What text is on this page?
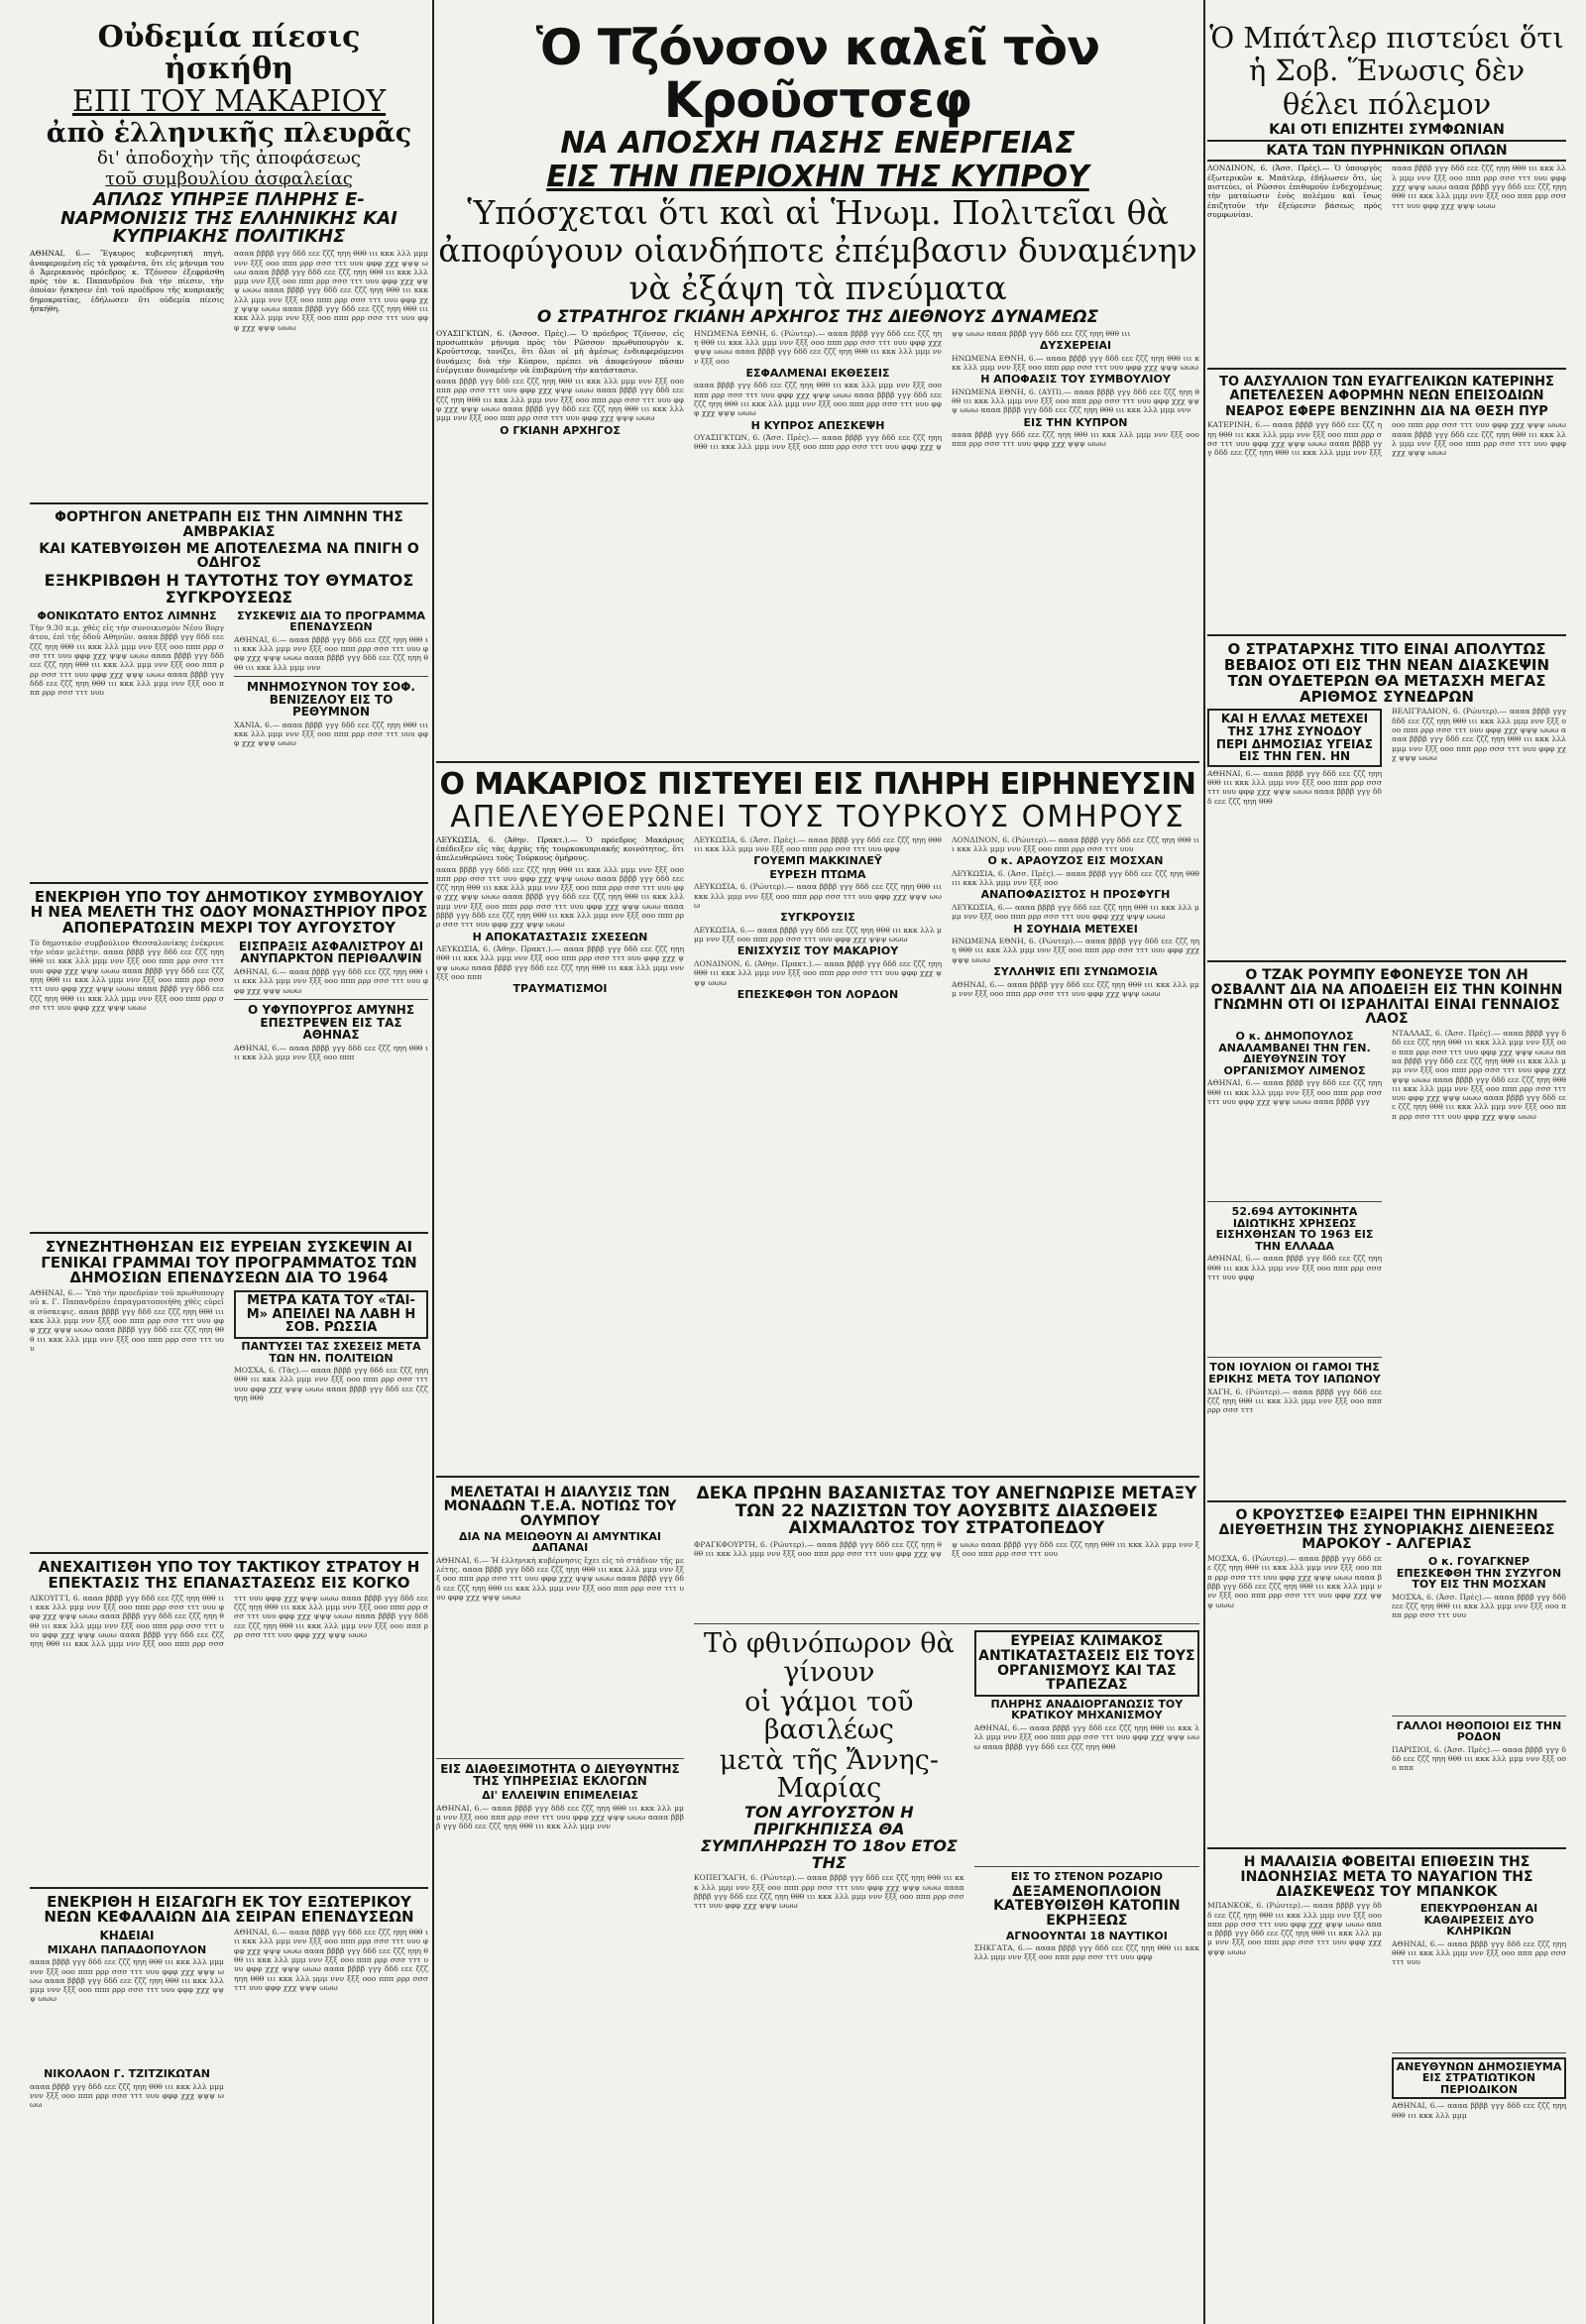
Οὐδεμία πίεσις ἡσκήθη
ΕΠΙ ΤΟΥ ΜΑΚΑΡΙΟΥ
ἀπὸ ἑλληνικῆς πλευρᾶς
δι' ἀποδοχὴν τῆς ἀποφάσεως
τοῦ συμβουλίου ἀσφαλείας
ΑΠΛΩΣ ΥΠΗΡΞΕ ΠΛΗΡΗΣ Ε- ΝΑΡΜΟΝΙΣΙΣ ΤΗΣ ΕΛΛΗΝΙΚΗΣ ΚΑΙ ΚΥΠΡΙΑΚΗΣ ΠΟΛΙΤΙΚΗΣ

ΑΘΗΝΑΙ, 6.— Ἔγκυρος κυβερνητική πηγή, ἀναφερομένη εἰς τὰ γραφέντα, ὅτι εἰς μήνυμα του ὁ Ἀμερικανὸς πρόεδρος κ. Τζόνσον ἐξεφράσθη πρὸς τὸν κ. Παπανδρέου διὰ τὴν πίεσιν, τὴν ὁποίαν ἤσκησεν ἐπὶ τοῦ προέδρου τῆς κυπριακῆς δημοκρατίας, ἐδήλωσεν ὅτι οὐδεμία πίεσις ἡσκήθη.

αααα ββββ γγγ δδδ εεε ζζζ ηηη θθθ ιιι κκκ λλλ μμμ ννν ξξξ οοο πππ ρρρ σσσ τττ υυυ φφφ χχχ ψψψ ωωω αααα ββββ γγγ δδδ εεε ζζζ ηηη θθθ ιιι κκκ λλλ μμμ ννν ξξξ οοο πππ ρρρ σσσ τττ υυυ φφφ χχχ ψψψ ωωω αααα ββββ γγγ δδδ εεε ζζζ ηηη θθθ ιιι κκκ λλλ μμμ ννν ξξξ οοο πππ ρρρ σσσ τττ υυυ φφφ χχχ ψψψ ωωω αααα ββββ γγγ δδδ εεε ζζζ ηηη θθθ ιιι κκκ λλλ μμμ ννν ξξξ οοο πππ ρρρ σσσ τττ υυυ φφφ χχχ ψψψ ωωω
ΦΟΡΤΗΓΟΝ ΑΝΕΤΡΑΠΗ ΕΙΣ ΤΗΝ ΛΙΜΝΗΝ ΤΗΣ ΑΜΒΡΑΚΙΑΣ
ΚΑΙ ΚΑΤΕΒΥΘΙΣΘΗ ΜΕ ΑΠΟΤΕΛΕΣΜΑ ΝΑ ΠΝΙΓΗ Ο ΟΔΗΓΟΣ
ΕΞΗΚΡΙΒΩΘΗ Η ΤΑΥΤΟΤΗΣ ΤΟΥ ΘΥΜΑΤΟΣ ΣΥΓΚΡΟΥΣΕΩΣ
ΦΟΝΙΚΩΤΑΤΟ ΕΝΤΟΣ ΛΙΜΝΗΣ
Τὴν 9.30 π.μ. χθὲς εἰς τὴν συνοικισμὸν Νέου Βοργάτου, ἐπὶ τῆς ὁδοῦ Αθηνῶν. αααα ββββ γγγ δδδ εεε ζζζ ηηη θθθ ιιι κκκ λλλ μμμ ννν ξξξ οοο πππ ρρρ σσσ τττ υυυ φφφ χχχ ψψψ ωωω αααα ββββ γγγ δδδ εεε ζζζ ηηη θθθ ιιι κκκ λλλ μμμ ννν ξξξ οοο πππ ρρρ σσσ τττ υυυ φφφ χχχ ψψψ ωωω αααα ββββ γγγ δδδ εεε ζζζ ηηη θθθ ιιι κκκ λλλ μμμ ννν ξξξ οοο πππ ρρρ σσσ τττ υυυ
ΣΥΣΚΕΨΙΣ ΔΙΑ ΤΟ ΠΡΟΓΡΑΜΜΑ ΕΠΕΝΔΥΣΕΩΝ
ΑΘΗΝΑΙ, 6.— αααα ββββ γγγ δδδ εεε ζζζ ηηη θθθ ιιι κκκ λλλ μμμ ννν ξξξ οοο πππ ρρρ σσσ τττ υυυ φφφ χχχ ψψψ ωωω αααα ββββ γγγ δδδ εεε ζζζ ηηη θθθ ιιι κκκ λλλ μμμ ννν
ΜΝΗΜΟΣΥΝΟΝ ΤΟΥ ΣΟΦ. ΒΕΝΙΖΕΛΟΥ ΕΙΣ ΤΟ ΡΕΘΥΜΝΟΝ
ΧΑΝΙΑ, 6.— αααα ββββ γγγ δδδ εεε ζζζ ηηη θθθ ιιι κκκ λλλ μμμ ννν ξξξ οοο πππ ρρρ σσσ τττ υυυ φφφ χχχ ψψψ ωωω
ΕΝΕΚΡΙΘΗ ΥΠΟ ΤΟΥ ΔΗΜΟΤΙΚΟΥ ΣΥΜΒΟΥΛΙΟΥ Η ΝΕΑ ΜΕΛΕΤΗ ΤΗΣ ΟΔΟΥ ΜΟΝΑΣΤΗΡΙΟΥ ΠΡΟΣ ΑΠΟΠΕΡΑΤΩΣΙΝ ΜΕΧΡΙ ΤΟΥ ΑΥΓΟΥΣΤΟΥ
Τὸ δημοτικὸν συμβούλιον Θεσσαλονίκης ἐνέκρινε τὴν νέαν μελέτην. αααα ββββ γγγ δδδ εεε ζζζ ηηη θθθ ιιι κκκ λλλ μμμ ννν ξξξ οοο πππ ρρρ σσσ τττ υυυ φφφ χχχ ψψψ ωωω αααα ββββ γγγ δδδ εεε ζζζ ηηη θθθ ιιι κκκ λλλ μμμ ννν ξξξ οοο πππ ρρρ σσσ τττ υυυ φφφ χχχ ψψψ ωωω αααα ββββ γγγ δδδ εεε ζζζ ηηη θθθ ιιι κκκ λλλ μμμ ννν ξξξ οοο πππ ρρρ σσσ τττ υυυ φφφ χχχ ψψψ ωωω
ΕΙΣΠΡΑΞΙΣ ΑΣΦΑΛΙΣΤΡΟΥ ΔΙ ΑΝΥΠΑΡΚΤΟΝ ΠΕΡΙΘΑΛΨΙΝ
ΑΘΗΝΑΙ, 6.— αααα ββββ γγγ δδδ εεε ζζζ ηηη θθθ ιιι κκκ λλλ μμμ ννν ξξξ οοο πππ ρρρ σσσ τττ υυυ φφφ χχχ ψψψ ωωω
Ο ΥΦΥΠΟΥΡΓΟΣ ΑΜΥΝΗΣ ΕΠΕΣΤΡΕΨΕΝ ΕΙΣ ΤΑΣ ΑΘΗΝΑΣ
ΑΘΗΝΑΙ, 6.— αααα ββββ γγγ δδδ εεε ζζζ ηηη θθθ ιιι κκκ λλλ μμμ ννν ξξξ οοο πππ
ΣΥΝΕΖΗΤΗΘΗΣΑΝ ΕΙΣ ΕΥΡΕΙΑΝ ΣΥΣΚΕΨΙΝ ΑΙ ΓΕΝΙΚΑΙ ΓΡΑΜΜΑΙ ΤΟΥ ΠΡΟΓΡΑΜΜΑΤΟΣ ΤΩΝ ΔΗΜΟΣΙΩΝ ΕΠΕΝΔΥΣΕΩΝ ΔΙΑ ΤΟ 1964
ΑΘΗΝΑΙ, 6.— Ὑπὸ τὴν προεδρίαν τοῦ πρωθυπουργοῦ κ. Γ. Παπανδρέου ἐπραγματοποιήθη χθὲς εὐρεῖα σύσκεψις. αααα ββββ γγγ δδδ εεε ζζζ ηηη θθθ ιιι κκκ λλλ μμμ ννν ξξξ οοο πππ ρρρ σσσ τττ υυυ φφφ χχχ ψψψ ωωω αααα ββββ γγγ δδδ εεε ζζζ ηηη θθθ ιιι κκκ λλλ μμμ ννν ξξξ οοο πππ ρρρ σσσ τττ υυυ
ΜΕΤΡΑ ΚΑΤΑ ΤΟΥ «ΤΑΙ-Μ» ΑΠΕΙΛΕΙ ΝΑ ΛΑΒΗ Η ΣΟΒ. ΡΩΣΣΙΑ
ΠΑΝΤΥΣΕΙ ΤΑΣ ΣΧΕΣΕΙΣ ΜΕΤΑ ΤΩΝ ΗΝ. ΠΟΛΙΤΕΙΩΝ
ΜΟΣΧΑ, 6. (Τὰς).— αααα ββββ γγγ δδδ εεε ζζζ ηηη θθθ ιιι κκκ λλλ μμμ ννν ξξξ οοο πππ ρρρ σσσ τττ υυυ φφφ χχχ ψψψ ωωω αααα ββββ γγγ δδδ εεε ζζζ ηηη θθθ
ΑΝΕΧΑΙΤΙΣΘΗ ΥΠΟ ΤΟΥ ΤΑΚΤΙΚΟΥ ΣΤΡΑΤΟΥ Η ΕΠΕΚΤΑΣΙΣ ΤΗΣ ΕΠΑΝΑΣΤΑΣΕΩΣ ΕΙΣ ΚΟΓΚΟ
ΛΙΚΟΥΓΓΙ, 6. αααα ββββ γγγ δδδ εεε ζζζ ηηη θθθ ιιι κκκ λλλ μμμ ννν ξξξ οοο πππ ρρρ σσσ τττ υυυ φφφ χχχ ψψψ ωωω αααα ββββ γγγ δδδ εεε ζζζ ηηη θθθ ιιι κκκ λλλ μμμ ννν ξξξ οοο πππ ρρρ σσσ τττ υυυ φφφ χχχ ψψψ ωωω αααα ββββ γγγ δδδ εεε ζζζ ηηη θθθ ιιι κκκ λλλ μμμ ννν ξξξ οοο πππ ρρρ σσσ τττ υυυ φφφ χχχ ψψψ ωωω αααα ββββ γγγ δδδ εεε ζζζ ηηη θθθ ιιι κκκ λλλ μμμ ννν ξξξ οοο πππ ρρρ σσσ τττ υυυ φφφ χχχ ψψψ ωωω αααα ββββ γγγ δδδ εεε ζζζ ηηη θθθ ιιι κκκ λλλ μμμ ννν ξξξ οοο πππ ρρρ σσσ τττ υυυ φφφ χχχ ψψψ ωωω
ΕΝΕΚΡΙΘΗ Η ΕΙΣΑΓΩΓΗ ΕΚ ΤΟΥ ΕΞΩΤΕΡΙΚΟΥ ΝΕΩΝ ΚΕΦΑΛΑΙΩΝ ΔΙΑ ΣΕΙΡΑΝ ΕΠΕΝΔΥΣΕΩΝ
ΚΗΔΕΙΑΙ
ΜΙΧΑΗΛ ΠΑΠΑΔΟΠΟΥΛΟΝ
αααα ββββ γγγ δδδ εεε ζζζ ηηη θθθ ιιι κκκ λλλ μμμ ννν ξξξ οοο πππ ρρρ σσσ τττ υυυ φφφ χχχ ψψψ ωωω αααα ββββ γγγ δδδ εεε ζζζ ηηη θθθ ιιι κκκ λλλ μμμ ννν ξξξ οοο πππ ρρρ σσσ τττ υυυ φφφ χχχ ψψψ ωωω
ΝΙΚΟΛΑΟΝ Γ. ΤΖΙΤΖΙΚΩΤΑΝ
αααα ββββ γγγ δδδ εεε ζζζ ηηη θθθ ιιι κκκ λλλ μμμ ννν ξξξ οοο πππ ρρρ σσσ τττ υυυ φφφ χχχ ψψψ ωωω
ΑΘΗΝΑΙ, 6.— αααα ββββ γγγ δδδ εεε ζζζ ηηη θθθ ιιι κκκ λλλ μμμ ννν ξξξ οοο πππ ρρρ σσσ τττ υυυ φφφ χχχ ψψψ ωωω αααα ββββ γγγ δδδ εεε ζζζ ηηη θθθ ιιι κκκ λλλ μμμ ννν ξξξ οοο πππ ρρρ σσσ τττ υυυ φφφ χχχ ψψψ ωωω αααα ββββ γγγ δδδ εεε ζζζ ηηη θθθ ιιι κκκ λλλ μμμ ννν ξξξ οοο πππ ρρρ σσσ τττ υυυ φφφ χχχ ψψψ ωωω
Ὁ Τζόνσον καλεῖ τὸν Κροῦστσεφ
ΝΑ ΑΠΟΣΧΗ ΠΑΣΗΣ ΕΝΕΡΓΕΙΑΣ
ΕΙΣ ΤΗΝ ΠΕΡΙΟΧΗΝ ΤΗΣ ΚΥΠΡΟΥ
Ὑπόσχεται ὅτι καὶ αἱ Ἡνωμ. Πολιτεῖαι θὰ ἀποφύγουν οἱανδήποτε ἐπέμβασιν δυναμένην νὰ ἐξάψη τὰ πνεύματα
Ο ΣΤΡΑΤΗΓΟΣ ΓΚΙΑΝΗ ΑΡΧΗΓΟΣ ΤΗΣ ΔΙΕΘΝΟΥΣ ΔΥΝΑΜΕΩΣ

ΟΥΑΣΙΓΚΤΩΝ, 6. (Ἀσσοσ. Πρὲς).— Ὁ πρόεδρος Τζόνσον, εἰς προσωπικὸν μήνυμα πρὸς τὸν Ρῶσσον πρωθυπουργὸν κ. Κροῦστσεφ, τονίζει, ὅτι ὅλοι οἱ μὴ ἀμέσως ἐνδιαφερόμενοι δυνάμεις διὰ τὴν Κύπρον, πρέπει νὰ ἀποφεύγουν πᾶσαν ἐνέργειαν δυναμένην νὰ ἐπιβαρύνη τὴν κατάστασιν.

αααα ββββ γγγ δδδ εεε ζζζ ηηη θθθ ιιι κκκ λλλ μμμ ννν ξξξ οοο πππ ρρρ σσσ τττ υυυ φφφ χχχ ψψψ ωωω αααα ββββ γγγ δδδ εεε ζζζ ηηη θθθ ιιι κκκ λλλ μμμ ννν ξξξ οοο πππ ρρρ σσσ τττ υυυ φφφ χχχ ψψψ ωωω αααα ββββ γγγ δδδ εεε ζζζ ηηη θθθ ιιι κκκ λλλ μμμ ννν ξξξ οοο πππ ρρρ σσσ τττ υυυ φφφ χχχ ψψψ ωωω
Ο ΓΚΙΑΝΗ ΑΡΧΗΓΟΣ
ΗΝΩΜΕΝΑ ΕΘΝΗ, 6. (Ρώυτερ).— αααα ββββ γγγ δδδ εεε ζζζ ηηη θθθ ιιι κκκ λλλ μμμ ννν ξξξ οοο πππ ρρρ σσσ τττ υυυ φφφ χχχ ψψψ ωωω αααα ββββ γγγ δδδ εεε ζζζ ηηη θθθ ιιι κκκ λλλ μμμ ννν ξξξ οοο
ΕΣΦΑΛΜΕΝΑΙ ΕΚΘΕΣΕΙΣ
αααα ββββ γγγ δδδ εεε ζζζ ηηη θθθ ιιι κκκ λλλ μμμ ννν ξξξ οοο πππ ρρρ σσσ τττ υυυ φφφ χχχ ψψψ ωωω αααα ββββ γγγ δδδ εεε ζζζ ηηη θθθ ιιι κκκ λλλ μμμ ννν ξξξ οοο πππ ρρρ σσσ τττ υυυ φφφ χχχ ψψψ ωωω
Η ΚΥΠΡΟΣ ΑΠΕΣΚΕΨΗ
ΟΥΑΣΙΓΚΤΩΝ, 6. (Ἀσσ. Πρὲς).— αααα ββββ γγγ δδδ εεε ζζζ ηηη θθθ ιιι κκκ λλλ μμμ ννν ξξξ οοο πππ ρρρ σσσ τττ υυυ φφφ χχχ ψψψ ωωω αααα ββββ γγγ δδδ εεε ζζζ ηηη θθθ ιιι
ΔΥΣΧΕΡΕΙΑΙ
ΗΝΩΜΕΝΑ ΕΘΝΗ, 6.— αααα ββββ γγγ δδδ εεε ζζζ ηηη θθθ ιιι κκκ λλλ μμμ ννν ξξξ οοο πππ ρρρ σσσ τττ υυυ φφφ χχχ ψψψ ωωω
Η ΑΠΟΦΑΣΙΣ ΤΟΥ ΣΥΜΒΟΥΛΙΟΥ
ΗΝΩΜΕΝΑ ΕΘΝΗ, 6. (ΑΥΠ).— αααα ββββ γγγ δδδ εεε ζζζ ηηη θθθ ιιι κκκ λλλ μμμ ννν ξξξ οοο πππ ρρρ σσσ τττ υυυ φφφ χχχ ψψψ ωωω αααα ββββ γγγ δδδ εεε ζζζ ηηη θθθ ιιι κκκ λλλ μμμ ννν
ΕΙΣ ΤΗΝ ΚΥΠΡΟΝ
αααα ββββ γγγ δδδ εεε ζζζ ηηη θθθ ιιι κκκ λλλ μμμ ννν ξξξ οοο πππ ρρρ σσσ τττ υυυ φφφ χχχ ψψψ ωωω
Ο ΜΑΚΑΡΙΟΣ ΠΙΣΤΕΥΕΙ ΕΙΣ ΠΛΗΡΗ ΕΙΡΗΝΕΥΣΙΝ
ΑΠΕΛΕΥΘΕΡΩΝΕΙ ΤΟΥΣ ΤΟΥΡΚΟΥΣ ΟΜΗΡΟΥΣ

ΛΕΥΚΩΣΙΑ, 6. (Ἀθην. Πρακτ.).— Ὁ πρόεδρος Μακάριος ἐπέδειξεν εἰς τὰς ἀρχὰς τῆς τουρκοκυπριακῆς κοινότητος, ὅτι ἀπελευθερώνει τοὺς Τούρκους ὁμήρους.

αααα ββββ γγγ δδδ εεε ζζζ ηηη θθθ ιιι κκκ λλλ μμμ ννν ξξξ οοο πππ ρρρ σσσ τττ υυυ φφφ χχχ ψψψ ωωω αααα ββββ γγγ δδδ εεε ζζζ ηηη θθθ ιιι κκκ λλλ μμμ ννν ξξξ οοο πππ ρρρ σσσ τττ υυυ φφφ χχχ ψψψ ωωω αααα ββββ γγγ δδδ εεε ζζζ ηηη θθθ ιιι κκκ λλλ μμμ ννν ξξξ οοο πππ ρρρ σσσ τττ υυυ φφφ χχχ ψψψ ωωω αααα ββββ γγγ δδδ εεε ζζζ ηηη θθθ ιιι κκκ λλλ μμμ ννν ξξξ οοο πππ ρρρ σσσ τττ υυυ φφφ χχχ ψψψ ωωω
Η ΑΠΟΚΑΤΑΣΤΑΣΙΣ ΣΧΕΣΕΩΝ
ΛΕΥΚΩΣΙΑ, 6. (Ἀθην. Πρακτ.).— αααα ββββ γγγ δδδ εεε ζζζ ηηη θθθ ιιι κκκ λλλ μμμ ννν ξξξ οοο πππ ρρρ σσσ τττ υυυ φφφ χχχ ψψψ ωωω αααα ββββ γγγ δδδ εεε ζζζ ηηη θθθ ιιι κκκ λλλ μμμ ννν ξξξ οοο πππ
ΤΡΑΥΜΑΤΙΣΜΟΙ
ΛΕΥΚΩΣΙΑ, 6. (Ἀσσ. Πρὲς).— αααα ββββ γγγ δδδ εεε ζζζ ηηη θθθ ιιι κκκ λλλ μμμ ννν ξξξ οοο πππ ρρρ σσσ τττ υυυ φφφ
ΓΟΥΕΜΠ ΜΑΚΚΙΝΛΕΫ
ΕΥΡΕΣΗ ΠΤΩΜΑ
ΛΕΥΚΩΣΙΑ, 6. (Ρώυτερ).— αααα ββββ γγγ δδδ εεε ζζζ ηηη θθθ ιιι κκκ λλλ μμμ ννν ξξξ οοο πππ ρρρ σσσ τττ υυυ φφφ χχχ ψψψ ωωω
ΣΥΓΚΡΟΥΣΙΣ
ΛΕΥΚΩΣΙΑ, 6.— αααα ββββ γγγ δδδ εεε ζζζ ηηη θθθ ιιι κκκ λλλ μμμ ννν ξξξ οοο πππ ρρρ σσσ τττ υυυ φφφ χχχ ψψψ ωωω
ΕΝΙΣΧΥΣΙΣ ΤΟΥ ΜΑΚΑΡΙΟΥ
ΛΟΝΔΙΝΟΝ, 6. (Ἀθην. Πρακτ.).— αααα ββββ γγγ δδδ εεε ζζζ ηηη θθθ ιιι κκκ λλλ μμμ ννν ξξξ οοο πππ ρρρ σσσ τττ υυυ φφφ χχχ ψψψ ωωω
ΕΠΕΣΚΕΦΘΗ ΤΟΝ ΛΟΡΔΟΝ
ΛΟΝΔΙΝΟΝ, 6. (Ρώυτερ).— αααα ββββ γγγ δδδ εεε ζζζ ηηη θθθ ιιι κκκ λλλ μμμ ννν ξξξ οοο πππ ρρρ σσσ τττ υυυ
Ο κ. ΑΡΑΟΥΖΟΣ ΕΙΣ ΜΟΣΧΑΝ
ΛΕΥΚΩΣΙΑ, 6. (Ἀσσ. Πρὲς).— αααα ββββ γγγ δδδ εεε ζζζ ηηη θθθ ιιι κκκ λλλ μμμ ννν ξξξ οοο
ΑΝΑΠΟΦΑΣΙΣΤΟΣ Η ΠΡΟΣΦΥΓΗ
ΛΕΥΚΩΣΙΑ, 6.— αααα ββββ γγγ δδδ εεε ζζζ ηηη θθθ ιιι κκκ λλλ μμμ ννν ξξξ οοο πππ ρρρ σσσ τττ υυυ φφφ χχχ ψψψ ωωω
Η ΣΟΥΗΔΙΑ ΜΕΤΕΧΕΙ
ΗΝΩΜΕΝΑ ΕΘΝΗ, 6. (Ρώυτερ).— αααα ββββ γγγ δδδ εεε ζζζ ηηη θθθ ιιι κκκ λλλ μμμ ννν ξξξ οοο πππ ρρρ σσσ τττ υυυ φφφ χχχ ψψψ ωωω
ΣΥΛΛΗΨΙΣ ΕΠΙ ΣΥΝΩΜΟΣΙΑ
ΑΘΗΝΑΙ, 6.— αααα ββββ γγγ δδδ εεε ζζζ ηηη θθθ ιιι κκκ λλλ μμμ ννν ξξξ οοο πππ ρρρ σσσ τττ υυυ φφφ χχχ ψψψ ωωω
ΜΕΛΕΤΑΤΑΙ Η ΔΙΑΛΥΣΙΣ ΤΩΝ ΜΟΝΑΔΩΝ Τ.Ε.Α. ΝΟΤΙΩΣ ΤΟΥ ΟΛΥΜΠΟΥ
ΔΙΑ ΝΑ ΜΕΙΩΘΟΥΝ ΑΙ ΑΜΥΝΤΙΚΑΙ ΔΑΠΑΝΑΙ
ΑΘΗΝΑΙ, 6.— Ἡ ἑλληνικὴ κυβέρνησις ἔχει εἰς τὸ στάδιον τῆς μελέτης. αααα ββββ γγγ δδδ εεε ζζζ ηηη θθθ ιιι κκκ λλλ μμμ ννν ξξξ οοο πππ ρρρ σσσ τττ υυυ φφφ χχχ ψψψ ωωω αααα ββββ γγγ δδδ εεε ζζζ ηηη θθθ ιιι κκκ λλλ μμμ ννν ξξξ οοο πππ ρρρ σσσ τττ υυυ φφφ χχχ ψψψ ωωω
ΕΙΣ ΔΙΑΘΕΣΙΜΟΤΗΤΑ Ο ΔΙΕΥΘΥΝΤΗΣ ΤΗΣ ΥΠΗΡΕΣΙΑΣ ΕΚΛΟΓΩΝ
ΔΙ' ΕΛΛΕΙΨΙΝ ΕΠΙΜΕΛΕΙΑΣ
ΑΘΗΝΑΙ, 6.— αααα ββββ γγγ δδδ εεε ζζζ ηηη θθθ ιιι κκκ λλλ μμμ ννν ξξξ οοο πππ ρρρ σσσ τττ υυυ φφφ χχχ ψψψ ωωω αααα ββββ γγγ δδδ εεε ζζζ ηηη θθθ ιιι κκκ λλλ μμμ ννν
ΔΕΚΑ ΠΡΩΗΝ ΒΑΣΑΝΙΣΤΑΣ ΤΟΥ ΑΝΕΓΝΩΡΙΣΕ ΜΕΤΑΞΥ ΤΩΝ 22 ΝΑΖΙΣΤΩΝ ΤΟΥ ΑΟΥΣΒΙΤΣ ΔΙΑΣΩΘΕΙΣ ΑΙΧΜΑΛΩΤΟΣ ΤΟΥ ΣΤΡΑΤΟΠΕΔΟΥ
ΦΡΑΓΚΦΟΥΡΤΗ, 6. (Ρώυτερ).— αααα ββββ γγγ δδδ εεε ζζζ ηηη θθθ ιιι κκκ λλλ μμμ ννν ξξξ οοο πππ ρρρ σσσ τττ υυυ φφφ χχχ ψψψ ωωω αααα ββββ γγγ δδδ εεε ζζζ ηηη θθθ ιιι κκκ λλλ μμμ ννν ξξξ οοο πππ ρρρ σσσ τττ υυυ
Τὸ φθινόπωρον θὰ γίνουν
οἱ γάμοι τοῦ βασιλέως
μετὰ τῆς Ἄννης-Μαρίας
ΤΟΝ ΑΥΓΟΥΣΤΟΝ Η ΠΡΙΓΚΗΠΙΣΣΑ ΘΑ ΣΥΜΠΛΗΡΩΣΗ ΤΟ 18ον ΕΤΟΣ ΤΗΣ
ΚΟΠΕΓΧΑΓΗ, 6. (Ρώυτερ).— αααα ββββ γγγ δδδ εεε ζζζ ηηη θθθ ιιι κκκ λλλ μμμ ννν ξξξ οοο πππ ρρρ σσσ τττ υυυ φφφ χχχ ψψψ ωωω αααα ββββ γγγ δδδ εεε ζζζ ηηη θθθ ιιι κκκ λλλ μμμ ννν ξξξ οοο πππ ρρρ σσσ τττ υυυ φφφ χχχ ψψψ ωωω
ΕΥΡΕΙΑΣ ΚΛΙΜΑΚΟΣ ΑΝΤΙΚΑΤΑΣΤΑΣΕΙΣ ΕΙΣ ΤΟΥΣ ΟΡΓΑΝΙΣΜΟΥΣ ΚΑΙ ΤΑΣ ΤΡΑΠΕΖΑΣ
ΠΛΗΡΗΣ ΑΝΑΔΙΟΡΓΑΝΩΣΙΣ ΤΟΥ ΚΡΑΤΙΚΟΥ ΜΗΧΑΝΙΣΜΟΥ
ΑΘΗΝΑΙ, 6.— αααα ββββ γγγ δδδ εεε ζζζ ηηη θθθ ιιι κκκ λλλ μμμ ννν ξξξ οοο πππ ρρρ σσσ τττ υυυ φφφ χχχ ψψψ ωωω αααα ββββ γγγ δδδ εεε ζζζ ηηη θθθ
ΕΙΣ ΤΟ ΣΤΕΝΟΝ ΡΟΖΑΡΙΟ
ΔΕΞΑΜΕΝΟΠΛΟΙΟΝ ΚΑΤΕΒΥΘΙΣΘΗ ΚΑΤΟΠΙΝ ΕΚΡΗΞΕΩΣ
ΑΓΝΟΟΥΝΤΑΙ 18 ΝΑΥΤΙΚΟΙ
ΣΗΚΓΑΤΑ, 6.— αααα ββββ γγγ δδδ εεε ζζζ ηηη θθθ ιιι κκκ λλλ μμμ ννν ξξξ οοο πππ ρρρ σσσ τττ υυυ φφφ
Ὁ Μπάτλερ πιστεύει ὅτι ἡ Σοβ. Ἕνωσις δὲν θέλει πόλεμον
ΚΑΙ ΟΤΙ ΕΠΙΖΗΤΕΙ ΣΥΜΦΩΝΙΑΝ
ΚΑΤΑ ΤΩΝ ΠΥΡΗΝΙΚΩΝ ΟΠΛΩΝ

ΛΟΝΔΙΝΟΝ, 6. (Ἀσσ. Πρὲς).— Ὁ ὑπουργὸς ἐξωτερικῶν κ. Μπάτλερ, ἐδήλωσεν ὅτι, ὡς πιστεύει, οἱ Ρῶσσοι ἐπιθυμοῦν ἐνδεχομένως τὴν ματαίωσιν ἑνὸς πολέμου καὶ ἴσως ἐπιζητοῦν τὴν ἐξεύρεσιν βάσεως πρὸς συμφωνίαν.

αααα ββββ γγγ δδδ εεε ζζζ ηηη θθθ ιιι κκκ λλλ μμμ ννν ξξξ οοο πππ ρρρ σσσ τττ υυυ φφφ χχχ ψψψ ωωω αααα ββββ γγγ δδδ εεε ζζζ ηηη θθθ ιιι κκκ λλλ μμμ ννν ξξξ οοο πππ ρρρ σσσ τττ υυυ φφφ χχχ ψψψ ωωω
ΤΟ ΑΛΣΥΛΛΙΟΝ ΤΩΝ ΕΥΑΓΓΕΛΙΚΩΝ ΚΑΤΕΡΙΝΗΣ ΑΠΕΤΕΛΕΣΕΝ ΑΦΟΡΜΗΝ ΝΕΩΝ ΕΠΕΙΣΟΔΙΩΝ
ΝΕΑΡΟΣ ΕΦΕΡΕ ΒΕΝΖΙΝΗΝ ΔΙΑ ΝΑ ΘΕΣΗ ΠΥΡ
ΚΑΤΕΡΙΝΗ, 6.— αααα ββββ γγγ δδδ εεε ζζζ ηηη θθθ ιιι κκκ λλλ μμμ ννν ξξξ οοο πππ ρρρ σσσ τττ υυυ φφφ χχχ ψψψ ωωω αααα ββββ γγγ δδδ εεε ζζζ ηηη θθθ ιιι κκκ λλλ μμμ ννν ξξξ οοο πππ ρρρ σσσ τττ υυυ φφφ χχχ ψψψ ωωω αααα ββββ γγγ δδδ εεε ζζζ ηηη θθθ ιιι κκκ λλλ μμμ ννν ξξξ οοο πππ ρρρ σσσ τττ υυυ φφφ χχχ ψψψ ωωω
Ο ΣΤΡΑΤΑΡΧΗΣ ΤΙΤΟ ΕΙΝΑΙ ΑΠΟΛΥΤΩΣ ΒΕΒΑΙΟΣ ΟΤΙ ΕΙΣ ΤΗΝ ΝΕΑΝ ΔΙΑΣΚΕΨΙΝ ΤΩΝ ΟΥΔΕΤΕΡΩΝ ΘΑ ΜΕΤΑΣΧΗ ΜΕΓΑΣ ΑΡΙΘΜΟΣ ΣΥΝΕΔΡΩΝ
ΚΑΙ Η ΕΛΛΑΣ ΜΕΤΕΧΕΙ ΤΗΣ 17ΗΣ ΣΥΝΟΔΟΥ ΠΕΡΙ ΔΗΜΟΣΙΑΣ ΥΓΕΙΑΣ ΕΙΣ ΤΗΝ ΓΕΝ. ΗΝ
ΑΘΗΝΑΙ, 6.— αααα ββββ γγγ δδδ εεε ζζζ ηηη θθθ ιιι κκκ λλλ μμμ ννν ξξξ οοο πππ ρρρ σσσ τττ υυυ φφφ χχχ ψψψ ωωω αααα ββββ γγγ δδδ εεε ζζζ ηηη θθθ
ΒΕΛΙΓΡΑΔΙΟΝ, 6. (Ρώυτερ).— αααα ββββ γγγ δδδ εεε ζζζ ηηη θθθ ιιι κκκ λλλ μμμ ννν ξξξ οοο πππ ρρρ σσσ τττ υυυ φφφ χχχ ψψψ ωωω αααα ββββ γγγ δδδ εεε ζζζ ηηη θθθ ιιι κκκ λλλ μμμ ννν ξξξ οοο πππ ρρρ σσσ τττ υυυ φφφ χχχ ψψψ ωωω
Ο ΤΖΑΚ ΡΟΥΜΠΥ ΕΦΟΝΕΥΣΕ ΤΟΝ ΛΗ ΟΣΒΑΛΝΤ ΔΙΑ ΝΑ ΑΠΟΔΕΙΞΗ ΕΙΣ ΤΗΝ ΚΟΙΝΗΝ ΓΝΩΜΗΝ ΟΤΙ ΟΙ ΙΣΡΑΗΛΙΤΑΙ ΕΙΝΑΙ ΓΕΝΝΑΙΟΣ ΛΑΟΣ
Ο κ. ΔΗΜΟΠΟΥΛΟΣ ΑΝΑΛΑΜΒΑΝΕΙ ΤΗΝ ΓΕΝ. ΔΙΕΥΘΥΝΣΙΝ ΤΟΥ ΟΡΓΑΝΙΣΜΟΥ ΛΙΜΕΝΟΣ
ΑΘΗΝΑΙ, 6.— αααα ββββ γγγ δδδ εεε ζζζ ηηη θθθ ιιι κκκ λλλ μμμ ννν ξξξ οοο πππ ρρρ σσσ τττ υυυ φφφ χχχ ψψψ ωωω αααα ββββ γγγ
52.694 ΑΥΤΟΚΙΝΗΤΑ ΙΔΙΩΤΙΚΗΣ ΧΡΗΣΕΩΣ ΕΙΣΗΧΘΗΣΑΝ ΤΟ 1963 ΕΙΣ ΤΗΝ ΕΛΛΑΔΑ
ΑΘΗΝΑΙ, 6.— αααα ββββ γγγ δδδ εεε ζζζ ηηη θθθ ιιι κκκ λλλ μμμ ννν ξξξ οοο πππ ρρρ σσσ τττ υυυ φφφ
ΤΟΝ ΙΟΥΛΙΟΝ ΟΙ ΓΑΜΟΙ ΤΗΣ ΕΡΙΚΗΣ ΜΕΤΑ ΤΟΥ ΙΑΠΩΝΟΥ
ΧΑΓΗ, 6. (Ρώυτερ).— αααα ββββ γγγ δδδ εεε ζζζ ηηη θθθ ιιι κκκ λλλ μμμ ννν ξξξ οοο πππ ρρρ σσσ τττ
ΝΤΑΛΛΑΣ, 6. (Ἀσσ. Πρὲς).— αααα ββββ γγγ δδδ εεε ζζζ ηηη θθθ ιιι κκκ λλλ μμμ ννν ξξξ οοο πππ ρρρ σσσ τττ υυυ φφφ χχχ ψψψ ωωω αααα ββββ γγγ δδδ εεε ζζζ ηηη θθθ ιιι κκκ λλλ μμμ ννν ξξξ οοο πππ ρρρ σσσ τττ υυυ φφφ χχχ ψψψ ωωω αααα ββββ γγγ δδδ εεε ζζζ ηηη θθθ ιιι κκκ λλλ μμμ ννν ξξξ οοο πππ ρρρ σσσ τττ υυυ φφφ χχχ ψψψ ωωω αααα ββββ γγγ δδδ εεε ζζζ ηηη θθθ ιιι κκκ λλλ μμμ ννν ξξξ οοο πππ ρρρ σσσ τττ υυυ φφφ χχχ ψψψ ωωω
Ο ΚΡΟΥΣΤΣΕΦ ΕΞΑΙΡΕΙ ΤΗΝ ΕΙΡΗΝΙΚΗΝ ΔΙΕΥΘΕΤΗΣΙΝ ΤΗΣ ΣΥΝΟΡΙΑΚΗΣ ΔΙΕΝΕΞΕΩΣ ΜΑΡΟΚΟΥ - ΑΛΓΕΡΙΑΣ
ΜΟΣΧΑ, 6. (Ρώυτερ).— αααα ββββ γγγ δδδ εεε ζζζ ηηη θθθ ιιι κκκ λλλ μμμ ννν ξξξ οοο πππ ρρρ σσσ τττ υυυ φφφ χχχ ψψψ ωωω αααα ββββ γγγ δδδ εεε ζζζ ηηη θθθ ιιι κκκ λλλ μμμ ννν ξξξ οοο πππ ρρρ σσσ τττ υυυ φφφ χχχ ψψψ ωωω
Ο κ. ΓΟΥΑΓΚΝΕΡ ΕΠΕΣΚΕΦΘΗ ΤΗΝ ΣΥΖΥΓΟΝ ΤΟΥ ΕΙΣ ΤΗΝ ΜΟΣΧΑΝ
ΜΟΣΧΑ, 6. (Ἀσσ. Πρὲς).— αααα ββββ γγγ δδδ εεε ζζζ ηηη θθθ ιιι κκκ λλλ μμμ ννν ξξξ οοο πππ ρρρ σσσ τττ υυυ
ΓΑΛΛΟΙ ΗΘΟΠΟΙΟΙ ΕΙΣ ΤΗΝ ΡΟΔΟΝ
ΠΑΡΙΣΙΟΙ, 6. (Ἀσσ. Πρὲς).— αααα ββββ γγγ δδδ εεε ζζζ ηηη θθθ ιιι κκκ λλλ μμμ ννν ξξξ οοο πππ
Η ΜΑΛΑΙΣΙΑ ΦΟΒΕΙΤΑΙ ΕΠΙΘΕΣΙΝ ΤΗΣ ΙΝΔΟΝΗΣΙΑΣ ΜΕΤΑ ΤΟ ΝΑΥΑΓΙΟΝ ΤΗΣ ΔΙΑΣΚΕΨΕΩΣ ΤΟΥ ΜΠΑΝΚΟΚ
ΜΠΑΝΚΟΚ, 6. (Ρώυτερ).— αααα ββββ γγγ δδδ εεε ζζζ ηηη θθθ ιιι κκκ λλλ μμμ ννν ξξξ οοο πππ ρρρ σσσ τττ υυυ φφφ χχχ ψψψ ωωω αααα ββββ γγγ δδδ εεε ζζζ ηηη θθθ ιιι κκκ λλλ μμμ ννν ξξξ οοο πππ ρρρ σσσ τττ υυυ φφφ χχχ ψψψ ωωω
ΕΠΕΚΥΡΩΘΗΣΑΝ ΑΙ ΚΑΘΑΙΡΕΣΕΙΣ ΔΥΟ ΚΛΗΡΙΚΩΝ
ΑΘΗΝΑΙ, 6.— αααα ββββ γγγ δδδ εεε ζζζ ηηη θθθ ιιι κκκ λλλ μμμ ννν ξξξ οοο πππ ρρρ σσσ τττ υυυ
ΑΝΕΥΘΥΝΩΝ ΔΗΜΟΣΙΕΥΜΑ ΕΙΣ ΣΤΡΑΤΙΩΤΙΚΟΝ ΠΕΡΙΟΔΙΚΟΝ
ΑΘΗΝΑΙ, 6.— αααα ββββ γγγ δδδ εεε ζζζ ηηη θθθ ιιι κκκ λλλ μμμ
